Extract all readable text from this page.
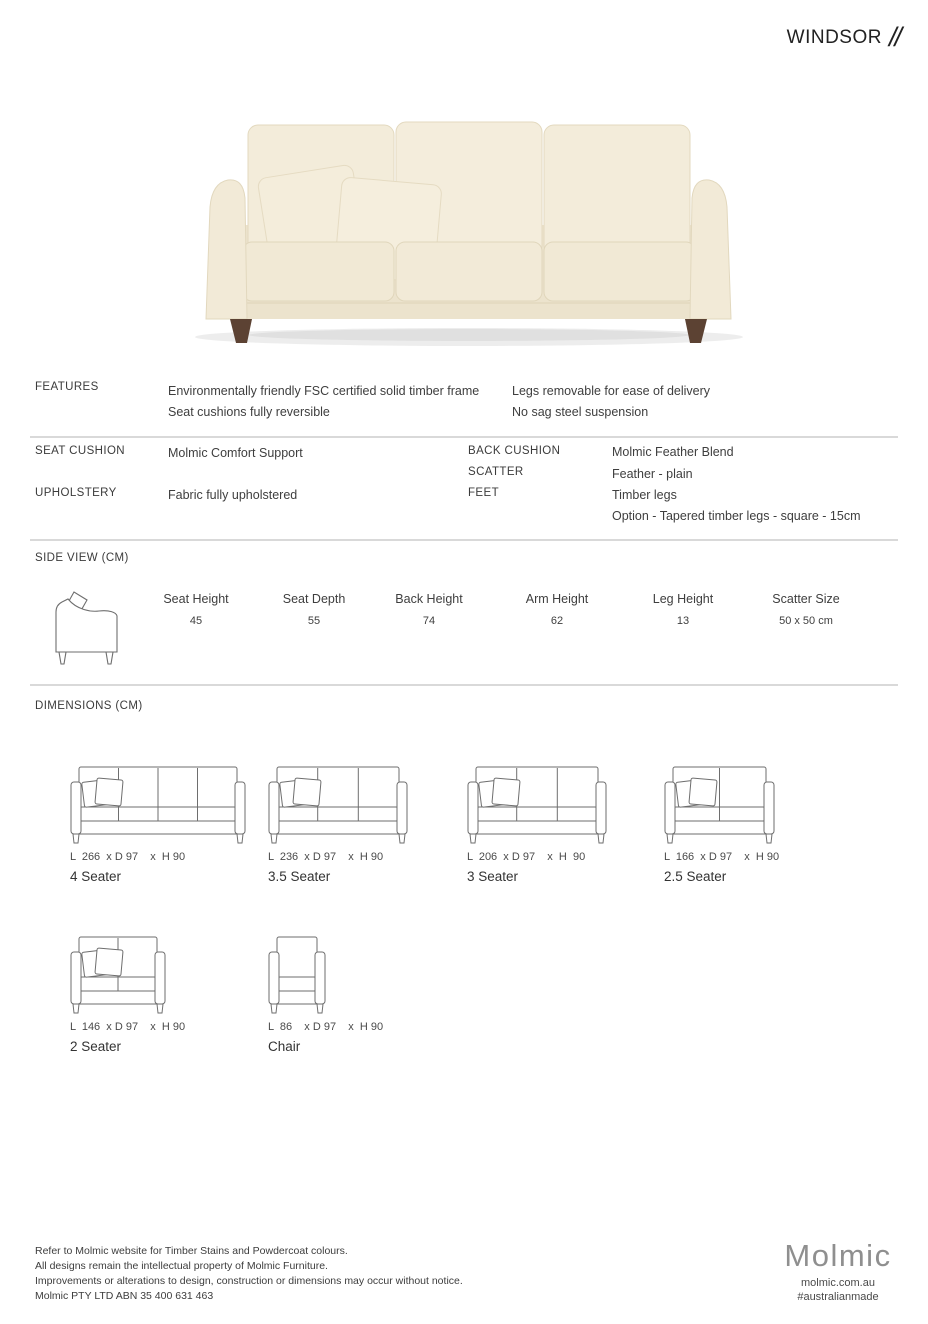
WINDSOR //
FEATURES	Environmentally friendly FSC certified solid timber frame
Seat cushions fully reversible
Legs removable for ease of delivery
No sag steel suspension
SEAT CUSHION	Molmic Comfort Support
UPHOLSTERY	Fabric fully upholstered
BACK CUSHION	Molmic Feather Blend
SCATTER	Feather - plain
FEET	Timber legs
Option - Tapered timber legs - square - 15cm
SIDE VIEW (CM)
Seat Height
45
Seat Depth
55
Back Height
74
Arm Height
62
Leg Height
13
Scatter Size
50 x 50 cm
DIMENSIONS (CM)
L  266  x D 97    x  H 90
4 Seater
L  236  x D 97    x  H 90
3.5 Seater
L  206  x D 97    x  H  90
3 Seater
L  166  x D 97    x  H 90
2.5 Seater
L  146  x D 97    x  H 90
2 Seater
L  86    x D 97    x  H 90
Chair
Refer to Molmic website for Timber Stains and Powdercoat colours.
All designs remain the intellectual property of Molmic Furniture.
Improvements or alterations to design, construction or dimensions may occur without notice.
Molmic PTY LTD ABN 35 400 631 463
Molmic
molmic.com.au
#australianmade
